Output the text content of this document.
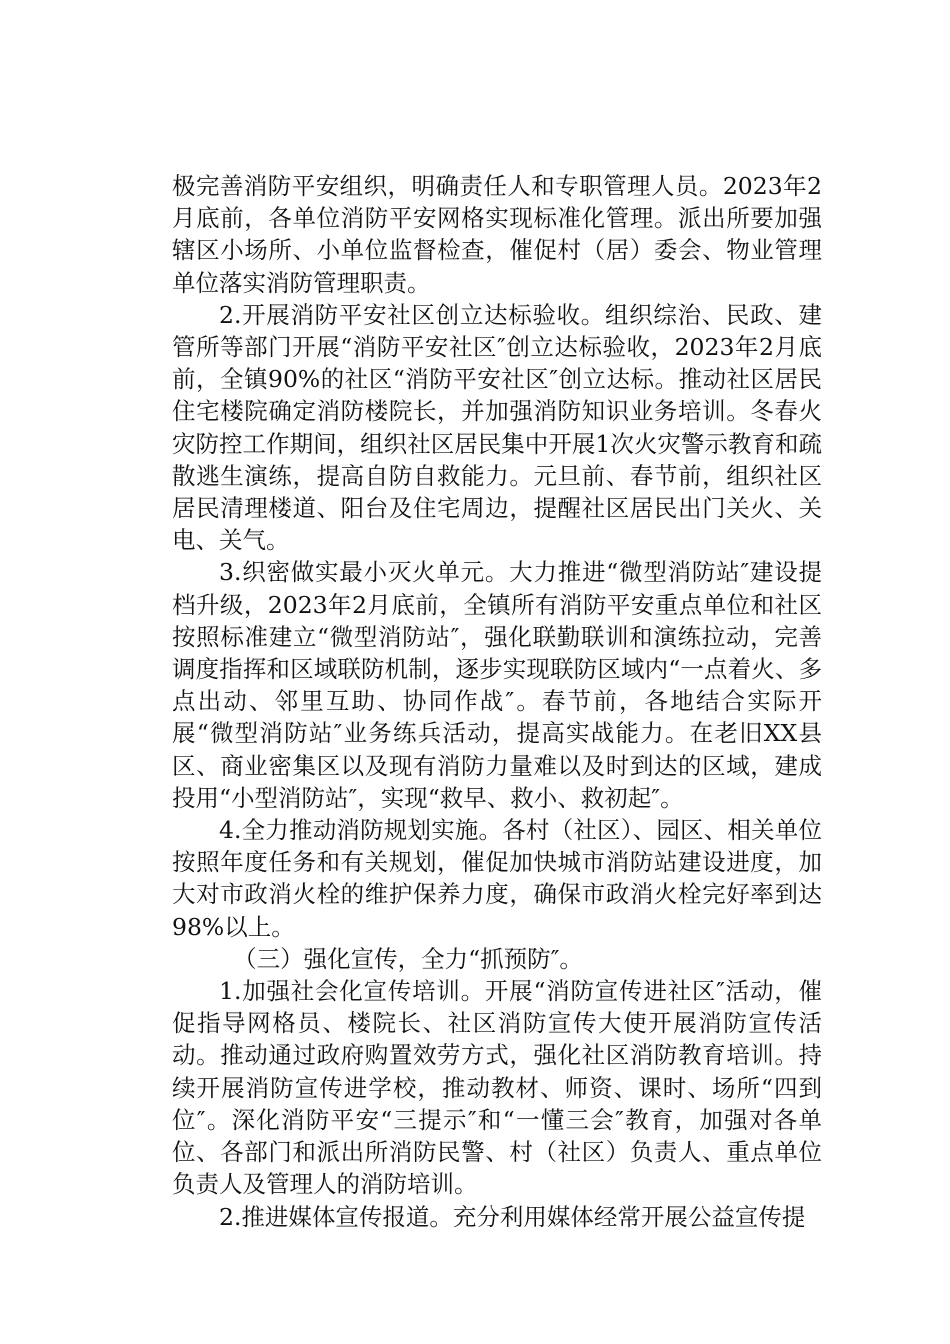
极完善消防平安组织，明确责任人和专职管理人员。2023年2月底前，各单位消防平安网格实现标准化管理。派出所要加强辖区小场所、小单位监督检查，催促村（居）委会、物业管理单位落实消防管理职责。

2.开展消防平安社区创立达标验收。组织综治、民政、建管所等部门开展“消防平安社区″创立达标验收，2023年2月底前，全镇90%的社区“消防平安社区″创立达标。推动社区居民住宅楼院确定消防楼院长，并加强消防知识业务培训。冬春火灾防控工作期间，组织社区居民集中开展1次火灾警示教育和疏散逃生演练，提高自防自救能力。元旦前、春节前，组织社区居民清理楼道、阳台及住宅周边，提醒社区居民出门关火、关电、关气。

3.织密做实最小灭火单元。大力推进“微型消防站″建设提档升级，2023年2月底前，全镇所有消防平安重点单位和社区按照标准建立“微型消防站″，强化联勤联训和演练拉动，完善调度指挥和区域联防机制，逐步实现联防区域内“一点着火、多点出动、邻里互助、协同作战″。春节前，各地结合实际开展“微型消防站″业务练兵活动，提高实战能力。在老旧XX县区、商业密集区以及现有消防力量难以及时到达的区域，建成投用“小型消防站″，实现“救早、救小、救初起″。

4.全力推动消防规划实施。各村（社区）、园区、相关单位按照年度任务和有关规划，催促加快城市消防站建设进度，加大对市政消火栓的维护保养力度，确保市政消火栓完好率到达98%以上。

（三）强化宣传，全力“抓预防″。

1.加强社会化宣传培训。开展“消防宣传进社区″活动，催促指导网格员、楼院长、社区消防宣传大使开展消防宣传活动。推动通过政府购置效劳方式，强化社区消防教育培训。持续开展消防宣传进学校，推动教材、师资、课时、场所“四到位″。深化消防平安“三提示″和“一懂三会″教育，加强对各单位、各部门和派出所消防民警、村（社区）负责人、重点单位负责人及管理人的消防培训。

2.推进媒体宣传报道。充分利用媒体经常开展公益宣传提
